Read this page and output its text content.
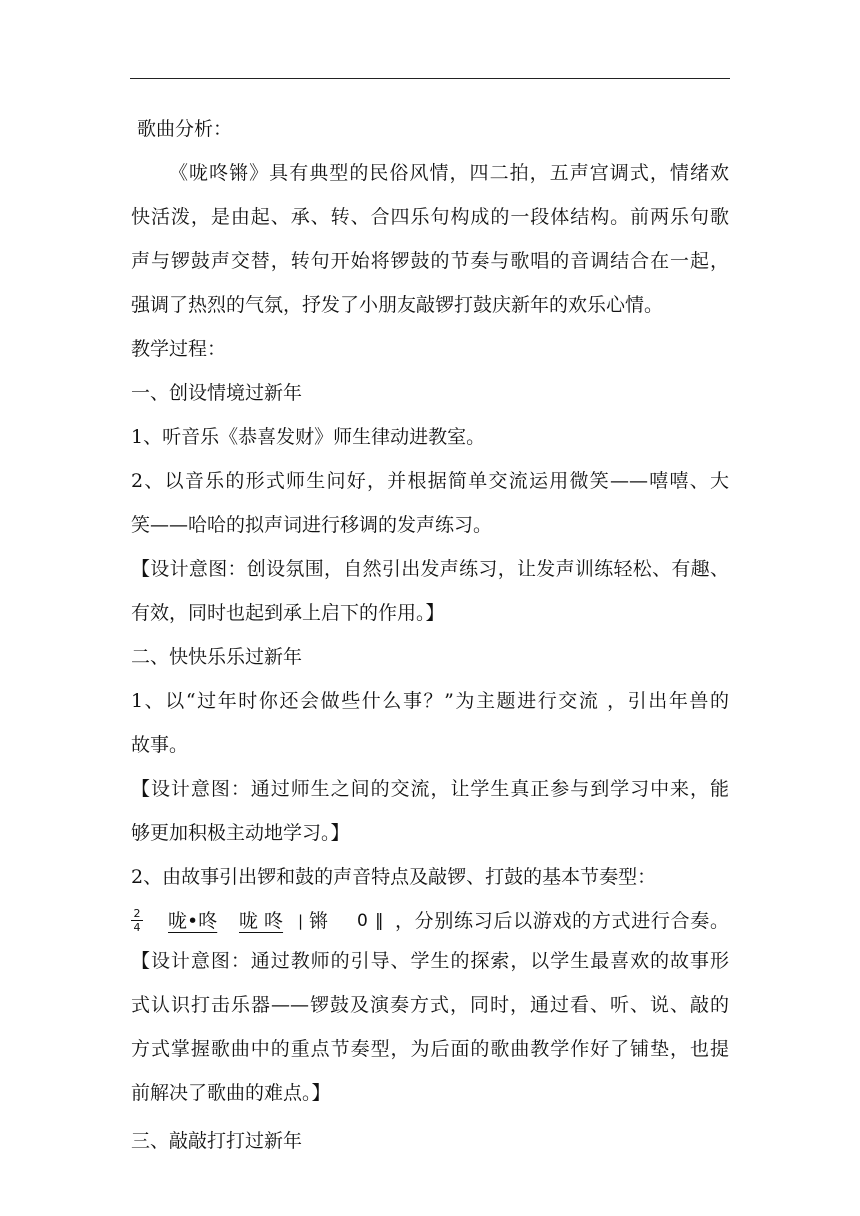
歌曲分析：
《咙咚锵》具有典型的民俗风情，四二拍，五声宫调式，情绪欢
快活泼，是由起、承、转、合四乐句构成的一段体结构。前两乐句歌
声与锣鼓声交替，转句开始将锣鼓的节奏与歌唱的音调结合在一起，
强调了热烈的气氛，抒发了小朋友敲锣打鼓庆新年的欢乐心情。
教学过程：
一、创设情境过新年
1、听音乐《恭喜发财》师生律动进教室。
2、以音乐的形式师生问好，并根据简单交流运用微笑——嘻嘻、大
笑——哈哈的拟声词进行移调的发声练习。
【设计意图：创设氛围，自然引出发声练习，让发声训练轻松、有趣、
有效，同时也起到承上启下的作用。】
二、快快乐乐过新年
1、以“过年时你还会做些什么事？”为主题进行交流 ，引出年兽的
故事。
【设计意图：通过师生之间的交流，让学生真正参与到学习中来，能
够更加积极主动地学习。】
2、由故事引出锣和鼓的声音特点及敲锣、打鼓的基本节奏型：
$\frac{2}{4}$ 咙•咚 咙 咚 | 锵 0 ‖ ，分别练习后以游戏的方式进行合奏。
【设计意图：通过教师的引导、学生的探索，以学生最喜欢的故事形
式认识打击乐器——锣鼓及演奏方式，同时，通过看、听、说、敲的
方式掌握歌曲中的重点节奏型，为后面的歌曲教学作好了铺垫，也提
前解决了歌曲的难点。】
三、敲敲打打过新年
